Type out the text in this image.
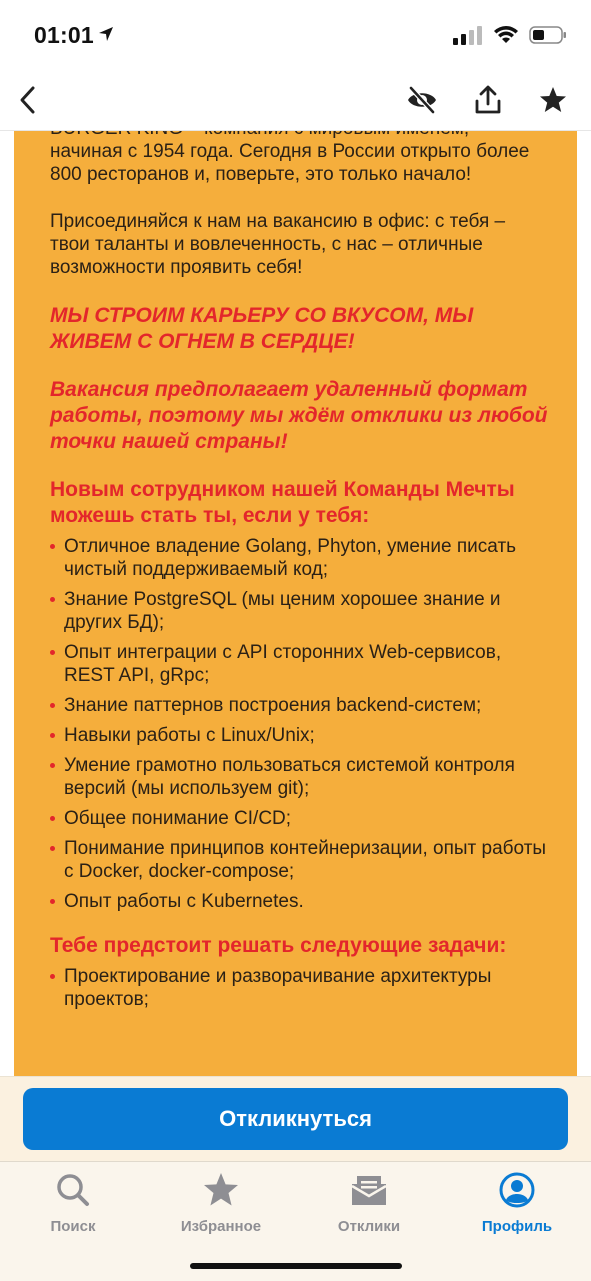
01:01

начиная с 1954 года. Сегодня в России открыто более 800 ресторанов и, поверьте, это только начало!

Присоединяйся к нам на вакансию в офис: с тебя – твои таланты и вовлеченность, с нас – отличные возможности проявить себя!

МЫ СТРОИМ КАРЬЕРУ СО ВКУСОМ, МЫ ЖИВЕМ С ОГНЕМ В СЕРДЦЕ!

Вакансия предполагает удаленный формат работы, поэтому мы ждём отклики из любой точки нашей страны!

Новым сотрудником нашей Команды Мечты можешь стать ты, если у тебя:
Отличное владение Golang, Phyton, умение писать чистый поддерживаемый код;
Знание PostgreSQL (мы ценим хорошее знание и других БД);
Опыт интеграции с API сторонних Web-сервисов, REST API, gRpc;
Знание паттернов построения backend-систем;
Навыки работы с Linux/Unix;
Умение грамотно пользоваться системой контроля версий (мы используем git);
Общее понимание CI/CD;
Понимание принципов контейнеризации, опыт работы с Docker, docker-compose;
Опыт работы с Kubernetes.
Тебе предстоит решать следующие задачи:
Проектирование и разворачивание архитектуры проектов;
Откликнуться
Поиск	Избранное	Отклики	Профиль
